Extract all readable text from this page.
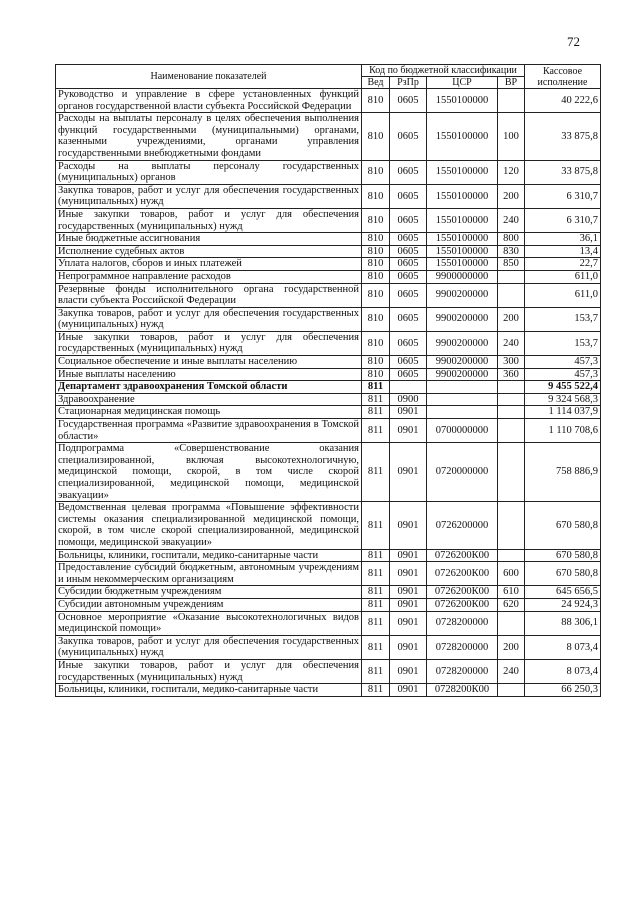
72
Наименование показателей	Код по бюджетной классификации				Кассовое исполнение
	Вед	РзПр	ЦСР	ВР	
Руководство и управление в сфере установленных функций органов государственной власти субъекта Российской Федерации	810	0605	1550100000		40 222,6
Расходы на выплаты персоналу в целях обеспечения выполнения функций государственными (муниципальными) органами, казенными учреждениями, органами управления государственными внебюджетными фондами	810	0605	1550100000	100	33 875,8
Расходы на выплаты персоналу государственных (муниципальных) органов	810	0605	1550100000	120	33 875,8
Закупка товаров, работ и услуг для обеспечения государственных (муниципальных) нужд	810	0605	1550100000	200	6 310,7
Иные закупки товаров, работ и услуг для обеспечения государственных (муниципальных) нужд	810	0605	1550100000	240	6 310,7
Иные бюджетные ассигнования	810	0605	1550100000	800	36,1
Исполнение судебных актов	810	0605	1550100000	830	13,4
Уплата налогов, сборов и иных платежей	810	0605	1550100000	850	22,7
Непрограммное направление расходов	810	0605	9900000000		611,0
Резервные фонды исполнительного органа государственной власти субъекта Российской Федерации	810	0605	9900200000		611,0
Закупка товаров, работ и услуг для обеспечения государственных (муниципальных) нужд	810	0605	9900200000	200	153,7
Иные закупки товаров, работ и услуг для обеспечения государственных (муниципальных) нужд	810	0605	9900200000	240	153,7
Социальное обеспечение и иные выплаты населению	810	0605	9900200000	300	457,3
Иные выплаты населению	810	0605	9900200000	360	457,3
Департамент здравоохранения Томской области	811				9 455 522,4
Здравоохранение	811	0900			9 324 568,3
Стационарная медицинская помощь	811	0901			1 114 037,9
Государственная программа «Развитие здравоохранения в Томской области»	811	0901	0700000000		1 110 708,6
Подпрограмма «Совершенствование оказания специализированной, включая высокотехнологичную, медицинской помощи, скорой, в том числе скорой специализированной, медицинской помощи, медицинской эвакуации»	811	0901	0720000000		758 886,9
Ведомственная целевая программа «Повышение эффективности системы оказания специализированной медицинской помощи, скорой, в том числе скорой специализированной, медицинской помощи, медицинской эвакуации»	811	0901	0726200000		670 580,8
Больницы, клиники, госпитали, медико-санитарные части	811	0901	0726200К00		670 580,8
Предоставление субсидий бюджетным, автономным учреждениям и иным некоммерческим организациям	811	0901	0726200К00	600	670 580,8
Субсидии бюджетным учреждениям	811	0901	0726200К00	610	645 656,5
Субсидии автономным учреждениям	811	0901	0726200К00	620	24 924,3
Основное мероприятие «Оказание высокотехнологичных видов медицинской помощи»	811	0901	0728200000		88 306,1
Закупка товаров, работ и услуг для обеспечения государственных (муниципальных) нужд	811	0901	0728200000	200	8 073,4
Иные закупки товаров, работ и услуг для обеспечения государственных (муниципальных) нужд	811	0901	0728200000	240	8 073,4
Больницы, клиники, госпитали, медико-санитарные части	811	0901	0728200К00		66 250,3
